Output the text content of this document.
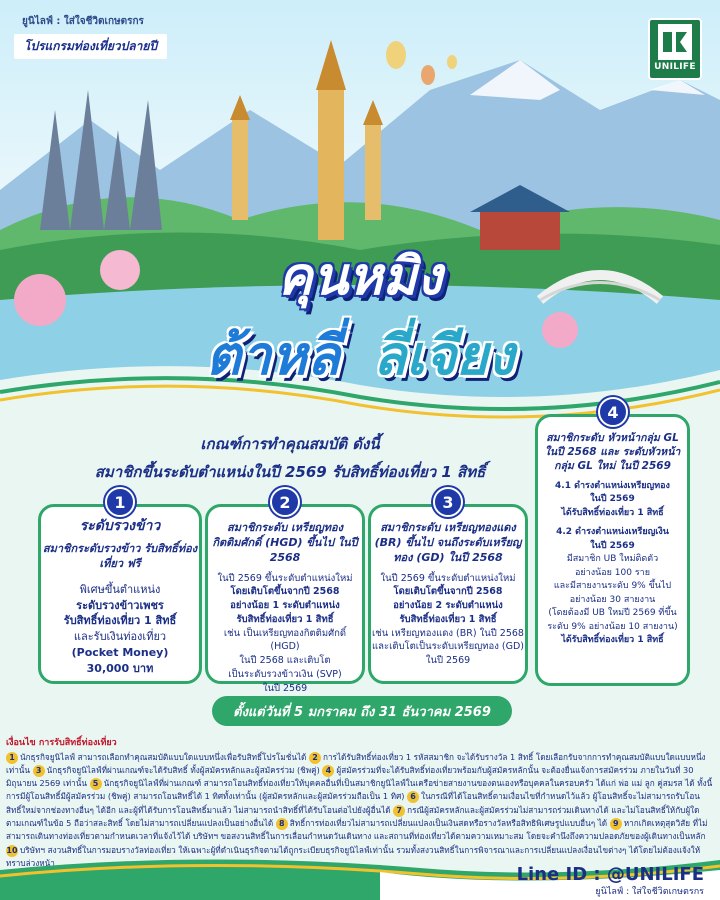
ยูนิไลฟ์ : ใส่ใจชีวิตเกษตรกร
โปรแกรมท่องเที่ยวปลายปี
UNILIFE
คุนหมิง
ต้าหลี่ ลี่เจียง
เกณฑ์การทำคุณสมบัติ ดังนี้
สมาชิกขึ้นระดับตำแหน่งในปี 2569 รับสิทธิ์ท่องเที่ยว 1 สิทธิ์
1
ระดับรวงข้าว
สมาชิกระดับรวงข้าว รับสิทธิ์ท่องเที่ยว ฟรี
พิเศษขึ้นตำแหน่ง
ระดับรวงข้าวเพชร
รับสิทธิ์ท่องเที่ยว 1 สิทธิ์
และรับเงินท่องเที่ยว
(Pocket Money)
30,000 บาท
2
สมาชิกระดับ เหรียญทองกิตติมศักดิ์ (HGD) ขึ้นไป ในปี 2568
ในปี 2569 ขึ้นระดับตำแหน่งใหม่
โดยเติบโตขึ้นจากปี 2568
อย่างน้อย 1 ระดับตำแหน่ง
รับสิทธิ์ท่องเที่ยว 1 สิทธิ์
เช่น เป็นเหรียญทองกิตติมศักดิ์ (HGD)
ในปี 2568 และเติบโต
เป็นระดับรวงข้าวเงิน (SVP)
ในปี 2569
3
สมาชิกระดับ เหรียญทองแดง (BR) ขึ้นไป จนถึงระดับเหรียญทอง (GD) ในปี 2568
ในปี 2569 ขึ้นระดับตำแหน่งใหม่
โดยเติบโตขึ้นจากปี 2568
อย่างน้อย 2 ระดับตำแหน่ง
รับสิทธิ์ท่องเที่ยว 1 สิทธิ์
เช่น เหรียญทองแดง (BR) ในปี 2568
และเติบโตเป็นระดับเหรียญทอง (GD)
ในปี 2569
4
สมาชิกระดับ หัวหน้ากลุ่ม GL ในปี 2568 และ ระดับหัวหน้ากลุ่ม GL ใหม่ ในปี 2569
4.1 ดำรงตำแหน่งเหรียญทอง
ในปี 2569
ได้รับสิทธิ์ท่องเที่ยว 1 สิทธิ์
4.2 ดำรงตำแหน่งเหรียญเงิน
ในปี 2569
มีสมาชิก UB ใหม่ติดตัว
อย่างน้อย 100 ราย
และมีสายงานระดับ 9% ขึ้นไป
อย่างน้อย 30 สายงาน
(โดยต้องมี UB ใหม่ปี 2569 ที่ขึ้น
ระดับ 9% อย่างน้อย 10 สายงาน)
ได้รับสิทธิ์ท่องเที่ยว 1 สิทธิ์
ตั้งแต่วันที่ 5 มกราคม ถึง 31 ธันวาคม 2569
เงื่อนไข การรับสิทธิ์ท่องเที่ยว
1 นักธุรกิจยูนิไลฟ์ สามารถเลือกทำคุณสมบัติแบบใดแบบหนึ่งเพื่อรับสิทธิ์โปรโมชั่นได้ 2 การได้รับสิทธิ์ท่องเที่ยว 1 รหัสสมาชิก จะได้รับรางวัล 1 สิทธิ์ โดยเลือกรับจากการทำคุณสมบัติแบบใดแบบหนึ่งเท่านั้น 3 นักธุรกิจยูนิไลฟ์ที่ผ่านเกณฑ์จะได้รับสิทธิ์ ทั้งผู้สมัครหลักและผู้สมัครร่วม (ชิพคู่) 4 ผู้สมัครร่วมที่จะได้รับสิทธิ์ท่องเที่ยวพร้อมกับผู้สมัครหลักนั้น จะต้องยื่นแจ้งการสมัครร่วม ภายในวันที่ 30 มิถุนายน 2569 เท่านั้น 5 นักธุรกิจยูนิไลฟ์ที่ผ่านเกณฑ์ สามารถโอนสิทธิ์ท่องเที่ยวให้บุคคลอื่นที่เป็นสมาชิกยูนิไลฟ์ในเครือข่ายสายงานของตนเองหรือบุคคลในครอบครัว ได้แก่ พ่อ แม่ ลูก คู่สมรส ได้ ทั้งนี้การมีผู้โอนสิทธิ์มีผู้สมัครร่วม (ชิพคู่) สามารถโอนสิทธิ์ได้ 1 ทิศทั้งเท่านั้น (ผู้สมัครหลักและผู้สมัครร่วมถือเป็น 1 ทิศ) 6 ในกรณีที่ได้โอนสิทธิ์ตามเงื่อนไขที่กำหนดไว้แล้ว ผู้โอนสิทธิ์จะไม่สามารถรับโอนสิทธิ์ใหม่จากช่องทางอื่นๆ ได้อีก และผู้ที่ได้รับการโอนสิทธิ์มาแล้ว ไม่สามารถนำสิทธิ์ที่ได้รับโอนต่อไปยังผู้อื่นได้ 7 กรณีผู้สมัครหลักและผู้สมัครร่วมไม่สามารถร่วมเดินทางได้ และไม่โอนสิทธิ์ให้กับผู้ใดตามเกณฑ์ในข้อ 5 ถือว่าสละสิทธิ์ โดยไม่สามารถเปลี่ยนแปลงเป็นอย่างอื่นได้ 8 สิทธิ์การท่องเที่ยวไม่สามารถเปลี่ยนแปลงเป็นเงินสดหรือรางวัลหรือสิทธิพิเศษรูปแบบอื่นๆ ได้ 9 หากเกิดเหตุสุดวิสัย ที่ไม่สามารถเดินทางท่องเที่ยวตามกำหนดเวลาที่แจ้งไว้ได้ บริษัทฯ ขอสงวนสิทธิ์ในการเลื่อนกำหนดวันเดินทาง และสถานที่ท่องเที่ยวได้ตามความเหมาะสม โดยจะคำนึงถึงความปลอดภัยของผู้เดินทางเป็นหลัก 10 บริษัทฯ สงวนสิทธิ์ในการมอบรางวัลท่องเที่ยว ให้เฉพาะผู้ที่ดำเนินธุรกิจตามได้ถูกระเบียบธุรกิจยูนิไลฟ์เท่านั้น รวมทั้งสงวนสิทธิ์ในการพิจารณาและการเปลี่ยนแปลงเงื่อนไขต่างๆ ได้โดยไม่ต้องแจ้งให้ทราบล่วงหน้า
Line ID : @UNILIFE
ยูนิไลฟ์ : ใส่ใจชีวิตเกษตรกร
